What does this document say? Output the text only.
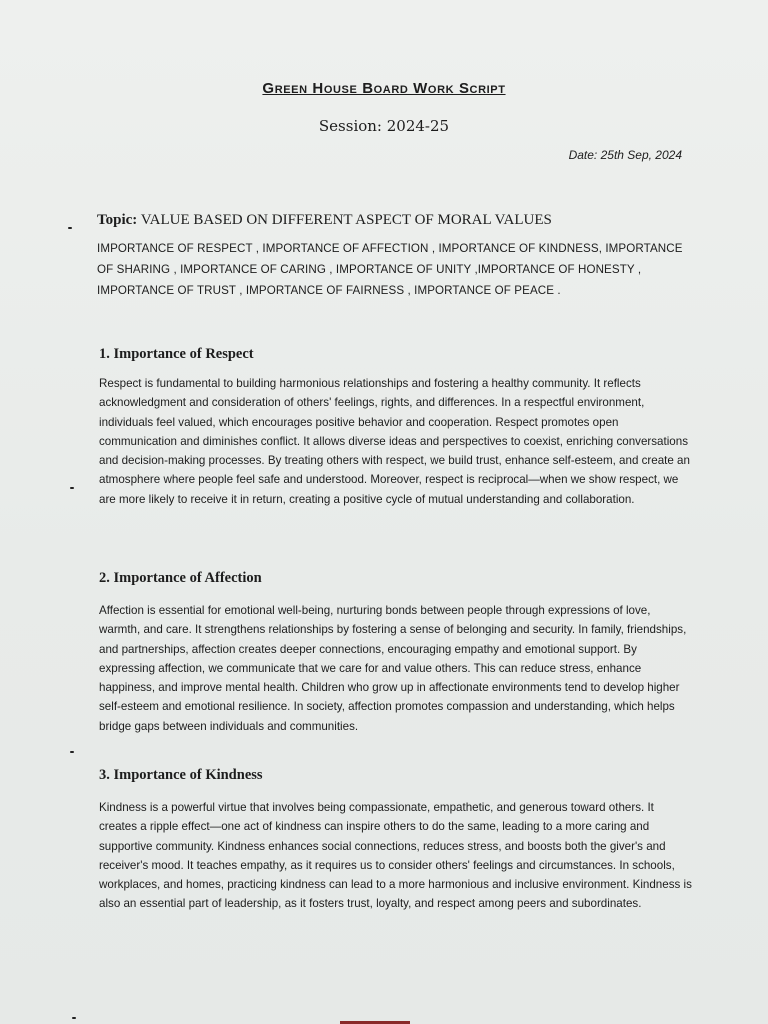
Green House Board Work Script
Session: 2024-25
Date: 25th Sep, 2024
Topic: VALUE BASED ON DIFFERENT ASPECT OF MORAL VALUES
IMPORTANCE OF RESPECT , IMPORTANCE OF AFFECTION , IMPORTANCE OF KINDNESS, IMPORTANCE OF SHARING , IMPORTANCE OF CARING , IMPORTANCE OF UNITY ,IMPORTANCE OF HONESTY , IMPORTANCE OF TRUST , IMPORTANCE OF FAIRNESS , IMPORTANCE OF PEACE .
1. Importance of Respect
Respect is fundamental to building harmonious relationships and fostering a healthy community. It reflects acknowledgment and consideration of others' feelings, rights, and differences. In a respectful environment, individuals feel valued, which encourages positive behavior and cooperation. Respect promotes open communication and diminishes conflict. It allows diverse ideas and perspectives to coexist, enriching conversations and decision-making processes. By treating others with respect, we build trust, enhance self-esteem, and create an atmosphere where people feel safe and understood. Moreover, respect is reciprocal—when we show respect, we are more likely to receive it in return, creating a positive cycle of mutual understanding and collaboration.
2. Importance of Affection
Affection is essential for emotional well-being, nurturing bonds between people through expressions of love, warmth, and care. It strengthens relationships by fostering a sense of belonging and security. In family, friendships, and partnerships, affection creates deeper connections, encouraging empathy and emotional support. By expressing affection, we communicate that we care for and value others. This can reduce stress, enhance happiness, and improve mental health. Children who grow up in affectionate environments tend to develop higher self-esteem and emotional resilience. In society, affection promotes compassion and understanding, which helps bridge gaps between individuals and communities.
3. Importance of Kindness
Kindness is a powerful virtue that involves being compassionate, empathetic, and generous toward others. It creates a ripple effect—one act of kindness can inspire others to do the same, leading to a more caring and supportive community. Kindness enhances social connections, reduces stress, and boosts both the giver's and receiver's mood. It teaches empathy, as it requires us to consider others' feelings and circumstances. In schools, workplaces, and homes, practicing kindness can lead to a more harmonious and inclusive environment. Kindness is also an essential part of leadership, as it fosters trust, loyalty, and respect among peers and subordinates.
